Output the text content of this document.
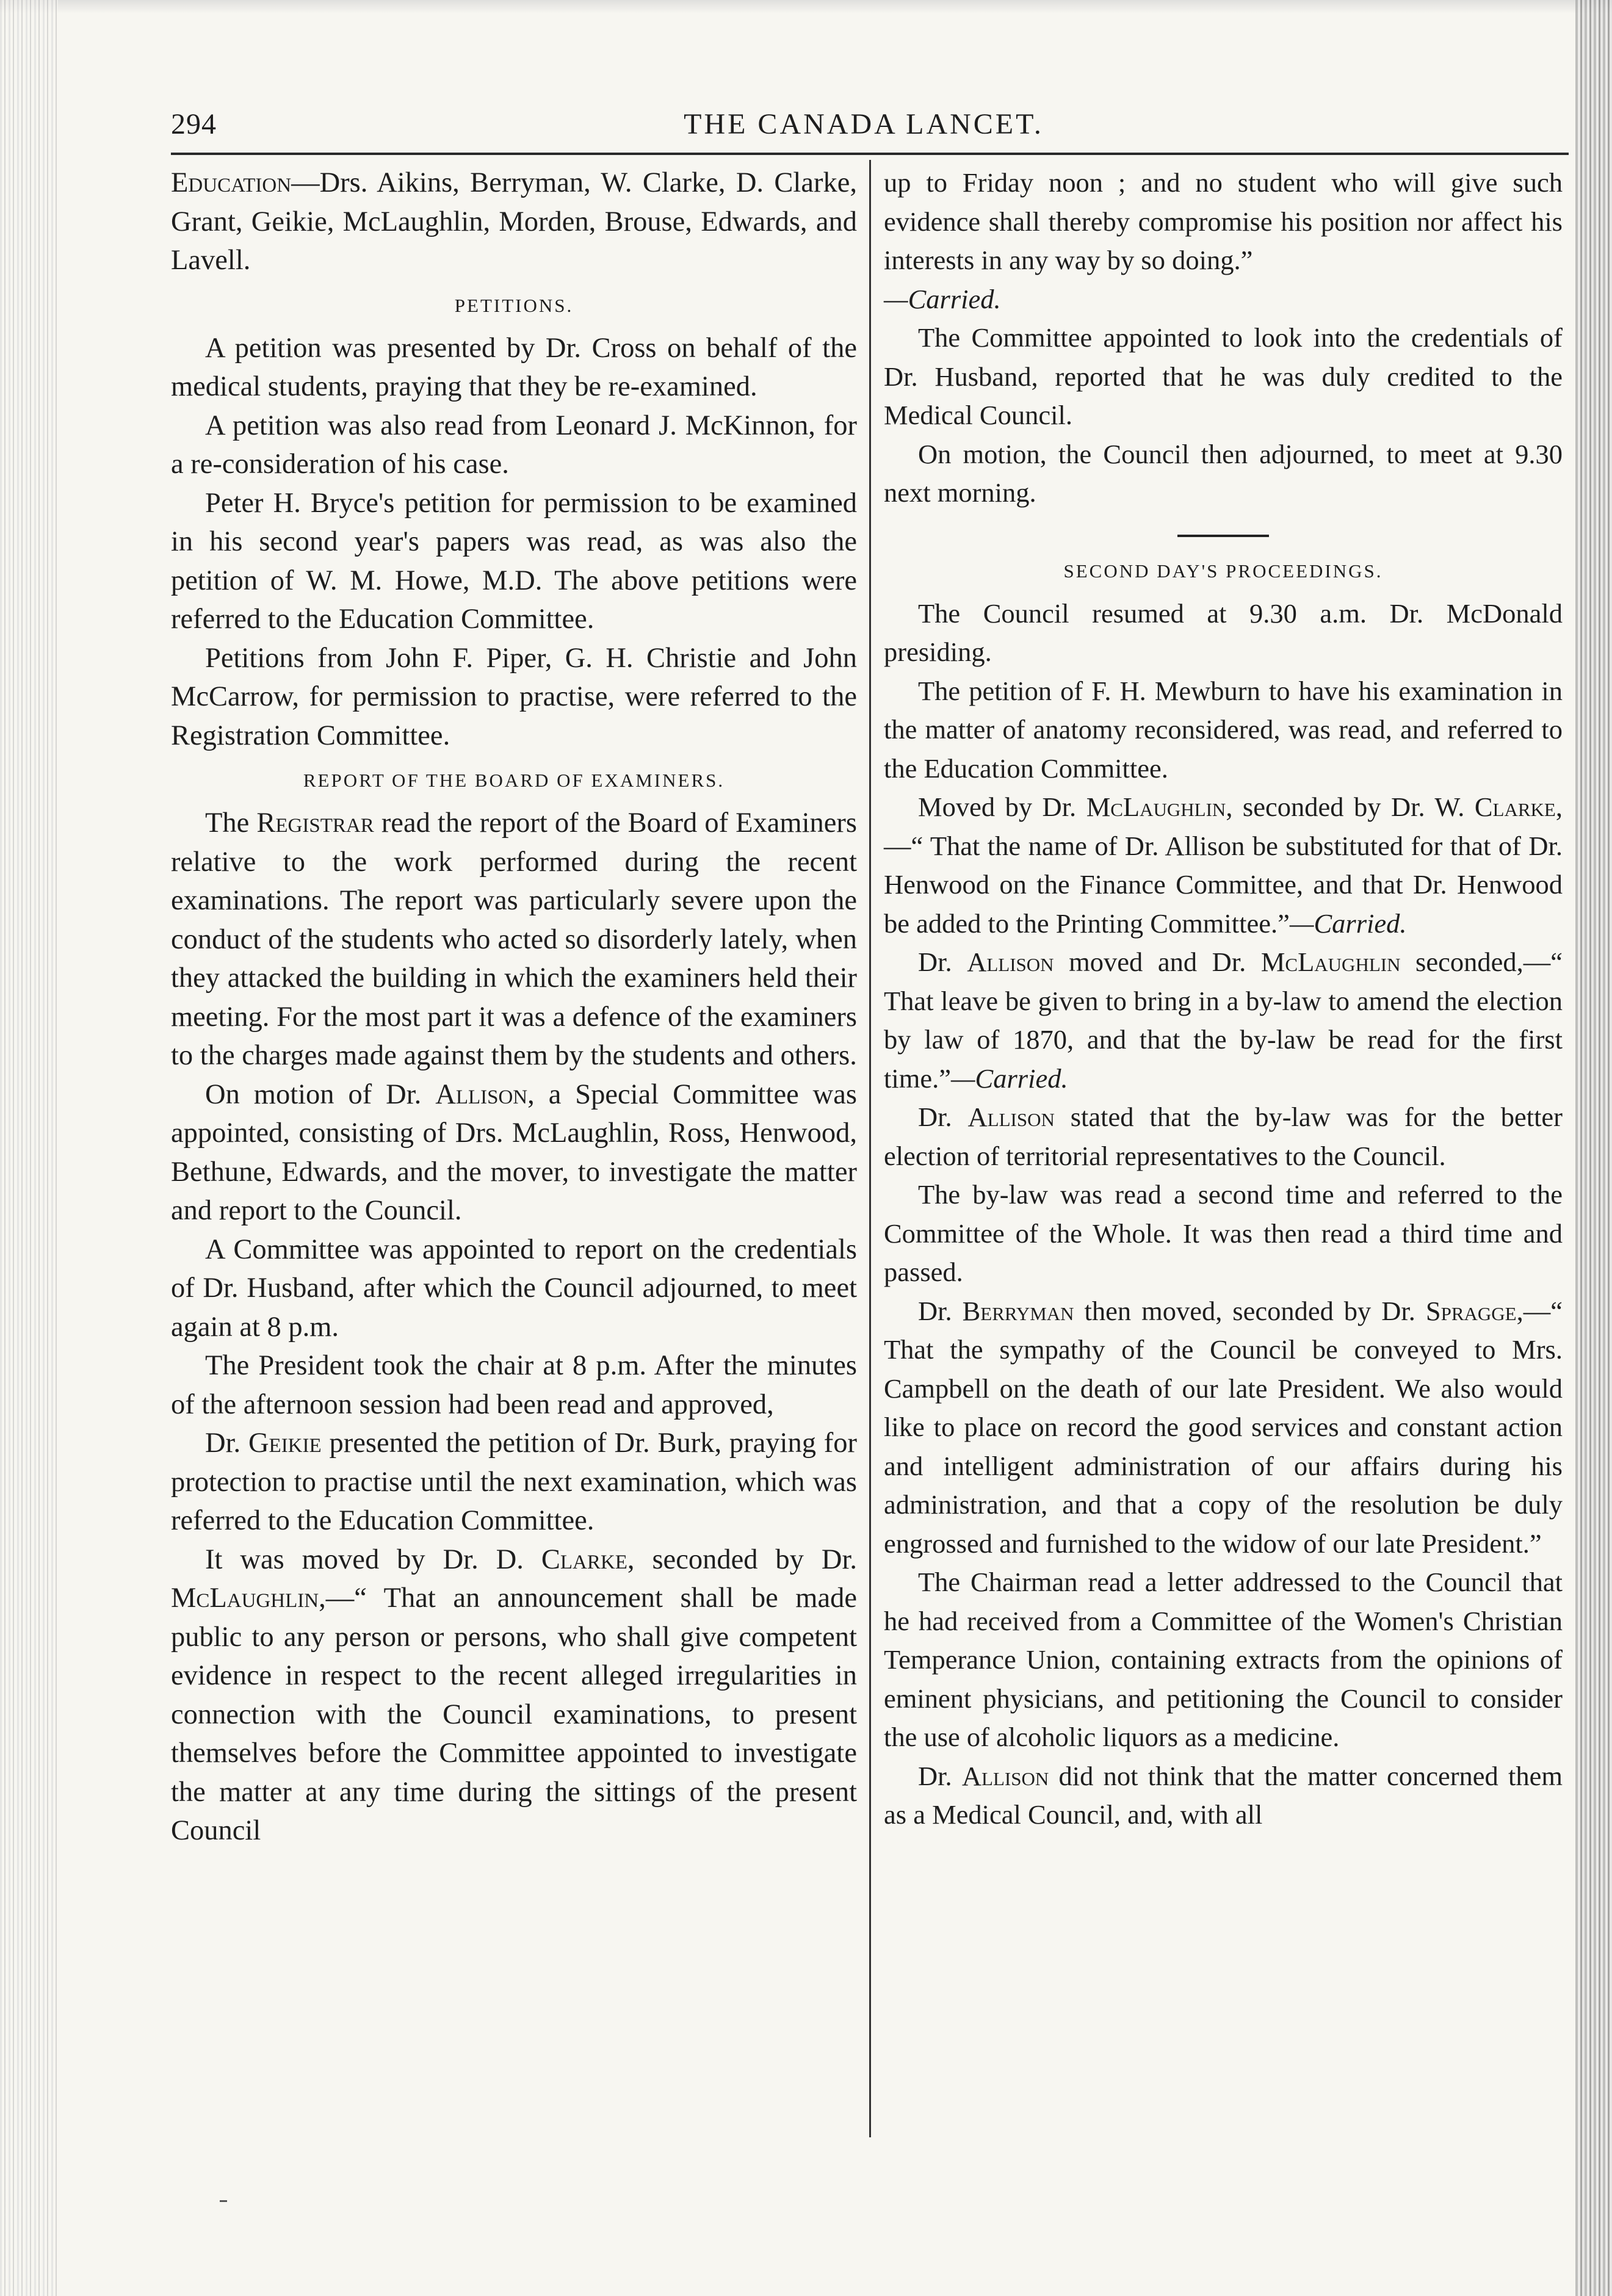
294	THE CANADA LANCET.

Education—Drs. Aikins, Berryman, W. Clarke, D. Clarke, Grant, Geikie, McLaughlin, Morden, Brouse, Edwards, and Lavell.

PETITIONS.

A petition was presented by Dr. Cross on behalf of the medical students, praying that they be re-examined.

A petition was also read from Leonard J. McKinnon, for a re-consideration of his case.

Peter H. Bryce's petition for permission to be examined in his second year's papers was read, as was also the petition of W. M. Howe, M.D. The above petitions were referred to the Education Committee.

Petitions from John F. Piper, G. H. Christie and John McCarrow, for permission to practise, were referred to the Registration Committee.

REPORT OF THE BOARD OF EXAMINERS.

The Registrar read the report of the Board of Examiners relative to the work performed during the recent examinations. The report was particularly severe upon the conduct of the students who acted so disorderly lately, when they attacked the building in which the examiners held their meeting. For the most part it was a defence of the examiners to the charges made against them by the students and others.

On motion of Dr. Allison, a Special Committee was appointed, consisting of Drs. McLaughlin, Ross, Henwood, Bethune, Edwards, and the mover, to investigate the matter and report to the Council.

A Committee was appointed to report on the credentials of Dr. Husband, after which the Council adjourned, to meet again at 8 p.m.

The President took the chair at 8 p.m. After the minutes of the afternoon session had been read and approved,

Dr. Geikie presented the petition of Dr. Burk, praying for protection to practise until the next examination, which was referred to the Education Committee.

It was moved by Dr. D. Clarke, seconded by Dr. McLaughlin,—“ That an announcement shall be made public to any person or persons, who shall give competent evidence in respect to the recent alleged irregularities in connection with the Council examinations, to present themselves before the Committee appointed to investigate the matter at any time during the sittings of the present Council

up to Friday noon ; and no student who will give such evidence shall thereby compromise his position nor affect his interests in any way by so doing.”
—Carried.

The Committee appointed to look into the credentials of Dr. Husband, reported that he was duly credited to the Medical Council.

On motion, the Council then adjourned, to meet at 9.30 next morning.

SECOND DAY'S PROCEEDINGS.

The Council resumed at 9.30 a.m. Dr. McDonald presiding.

The petition of F. H. Mewburn to have his examination in the matter of anatomy reconsidered, was read, and referred to the Education Committee.

Moved by Dr. McLaughlin, seconded by Dr. W. Clarke,—“ That the name of Dr. Allison be substituted for that of Dr. Henwood on the Finance Committee, and that Dr. Henwood be added to the Printing Committee.”—Carried.

Dr. Allison moved and Dr. McLaughlin seconded,—“ That leave be given to bring in a by-law to amend the election by law of 1870, and that the by-law be read for the first time.”—Carried.

Dr. Allison stated that the by-law was for the better election of territorial representatives to the Council.

The by-law was read a second time and referred to the Committee of the Whole. It was then read a third time and passed.

Dr. Berryman then moved, seconded by Dr. Spragge,—“ That the sympathy of the Council be conveyed to Mrs. Campbell on the death of our late President. We also would like to place on record the good services and constant action and intelligent administration of our affairs during his administration, and that a copy of the resolution be duly engrossed and furnished to the widow of our late President.”

The Chairman read a letter addressed to the Council that he had received from a Committee of the Women's Christian Temperance Union, containing extracts from the opinions of eminent physicians, and petitioning the Council to consider the use of alcoholic liquors as a medicine.

Dr. Allison did not think that the matter concerned them as a Medical Council, and, with all
